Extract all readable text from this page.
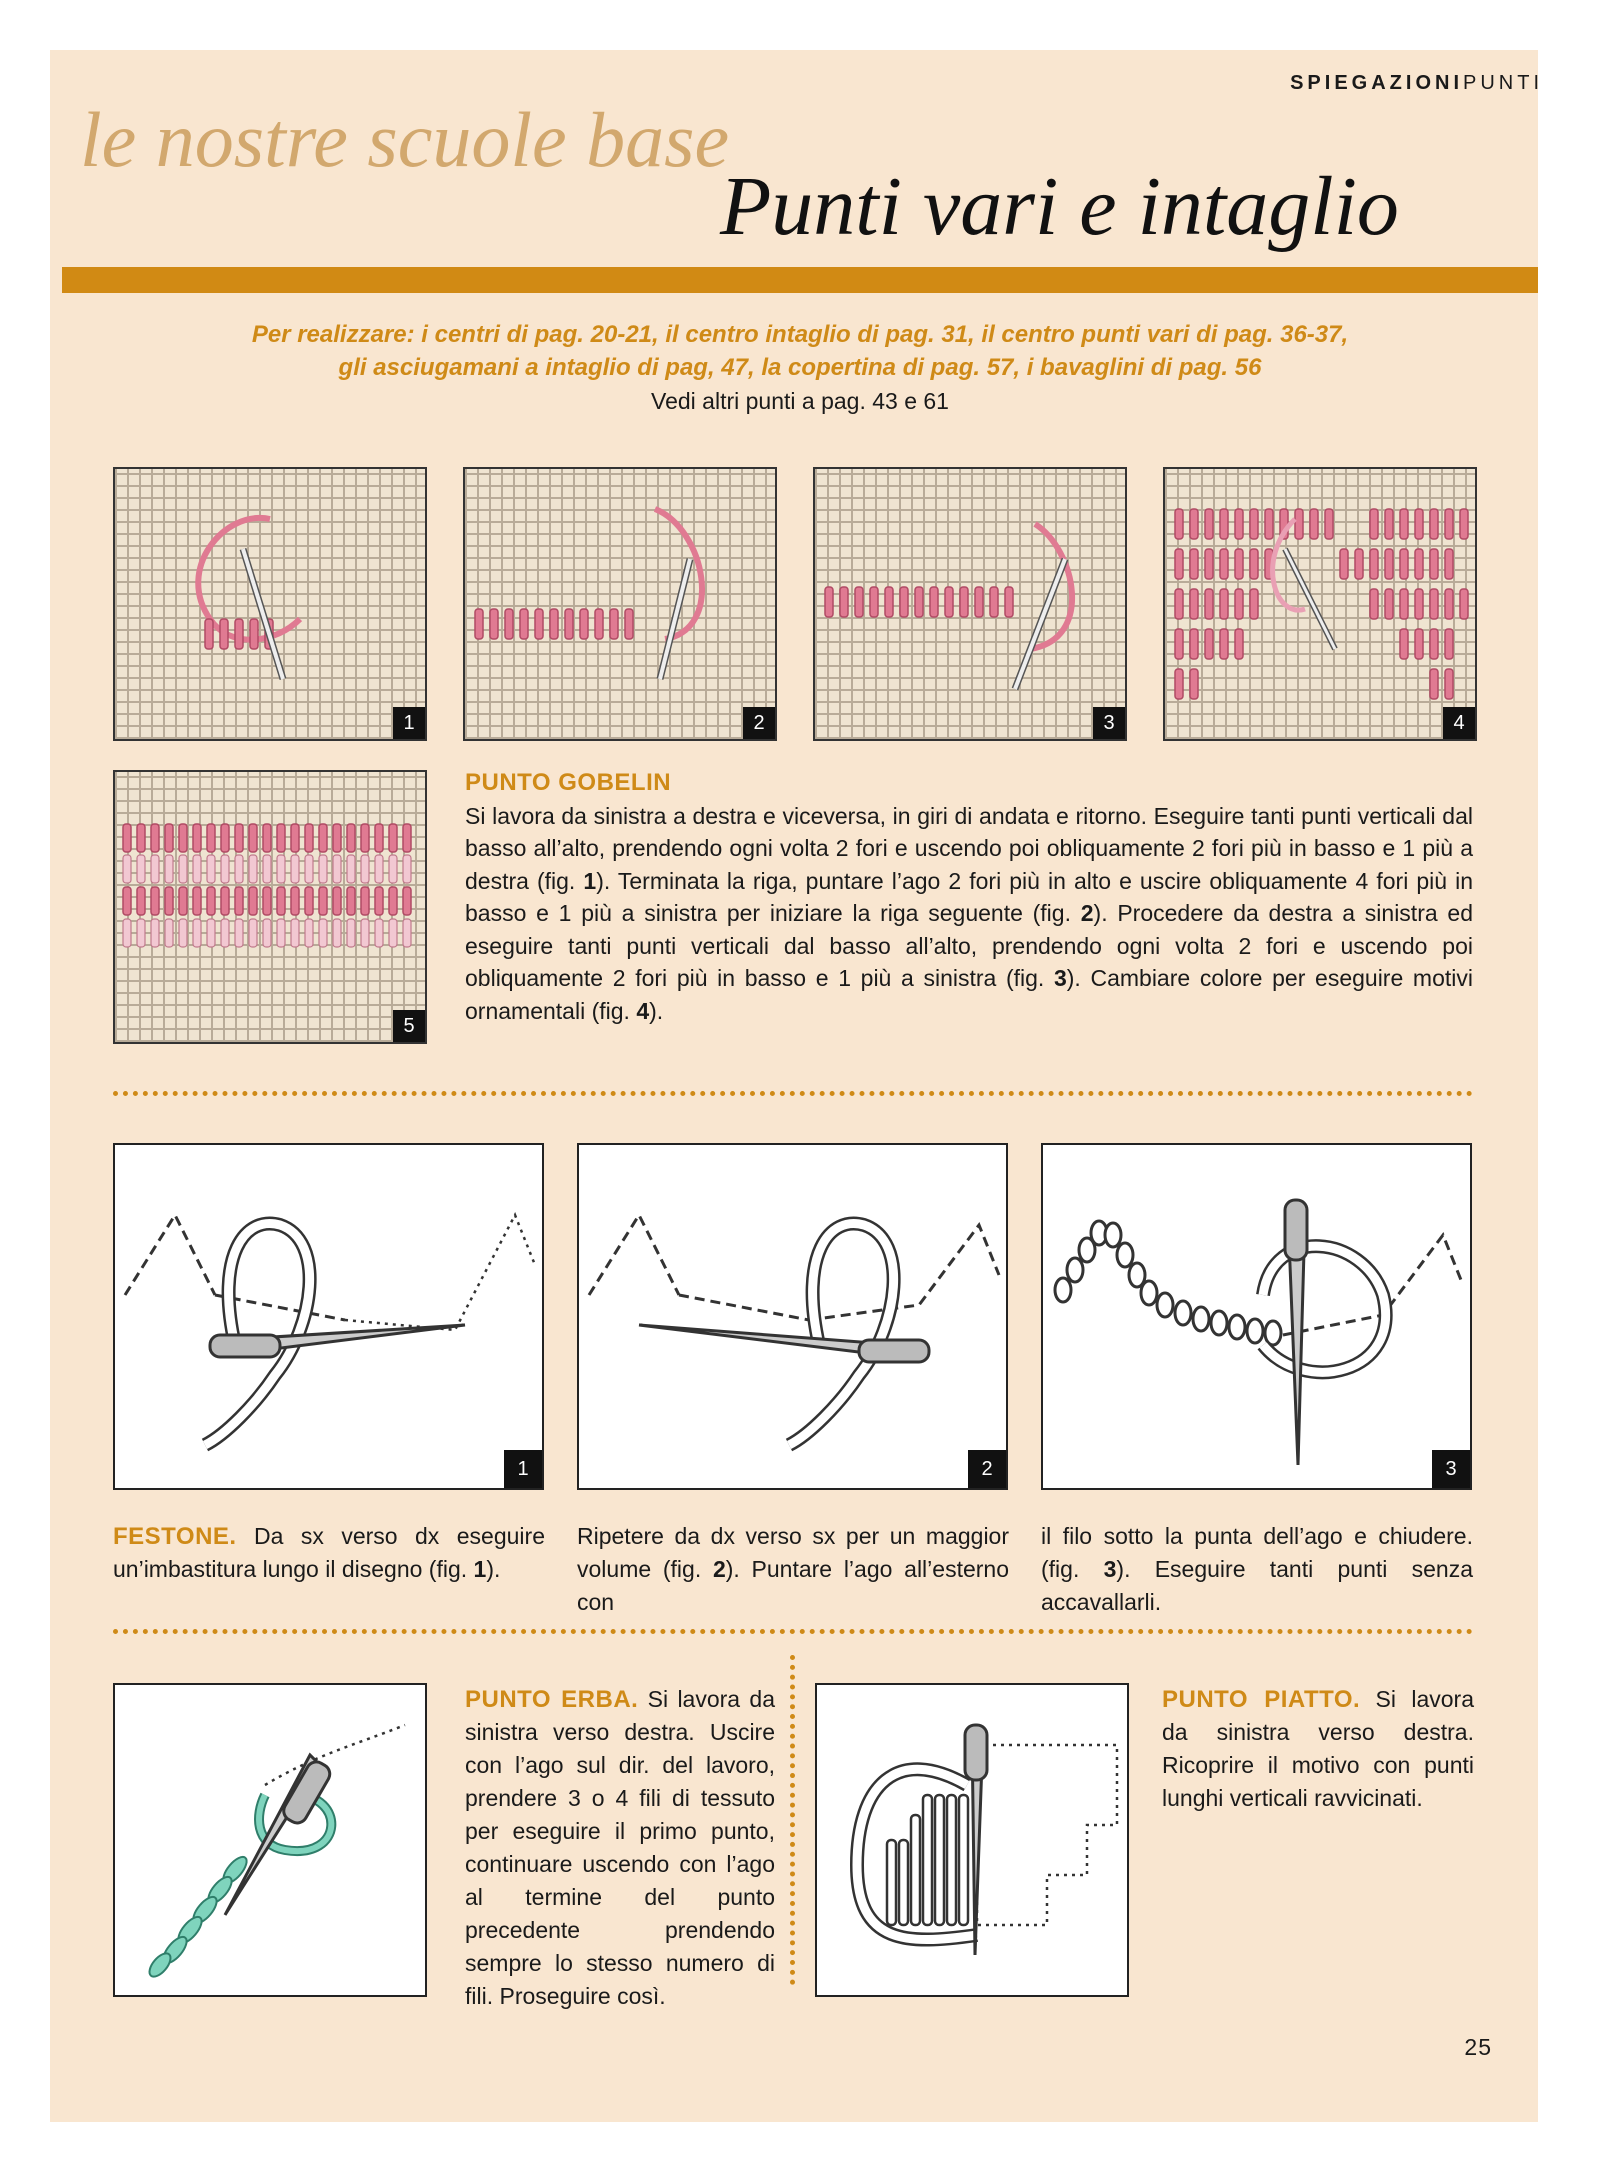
SPIEGAZIONIPUNTI
le nostre scuole base
Punti vari e intaglio
Per realizzare: i centri di pag. 20-21, il centro intaglio di pag. 31, il centro punti vari di pag. 36-37,
gli asciugamani a intaglio di pag, 47, la copertina di pag. 57, i bavaglini di pag. 56
Vedi altri punti a pag. 43 e 61
1	2	3	4
5
PUNTO GOBELIN
Si lavora da sinistra a destra e viceversa, in giri di andata e ritorno. Eseguire tanti punti verticali dal basso all’alto, prendendo ogni volta 2 fori e uscendo poi obliquamente 2 fori più in basso e 1 più a destra (fig. 1). Terminata la riga, puntare l’ago 2 fori più in alto e uscire obliquamente 4 fori più in basso e 1 più a sinistra per iniziare la riga seguente (fig. 2). Procedere da destra a sinistra ed eseguire tanti punti verticali dal basso all’alto, prendendo ogni volta 2 fori e uscendo poi obliquamente 2 fori più in basso e 1 più a sinistra (fig. 3). Cambiare colore per eseguire motivi ornamentali (fig. 4).
1	2	3
FESTONE. Da sx verso dx eseguire un’imbastitura lungo il disegno (fig. 1).
Ripetere da dx verso sx per un maggior volume (fig. 2). Puntare l’ago all’esterno con
il filo sotto la punta dell’ago e chiudere. (fig. 3). Eseguire tanti punti senza accavallarli.
PUNTO ERBA. Si lavora da sinistra verso destra. Uscire con l’ago sul dir. del lavoro, prendere 3 o 4 fili di tessuto per eseguire il primo punto, continuare uscendo con l’ago al termine del punto precedente prendendo sempre lo stesso numero di fili. Proseguire così.
PUNTO PIATTO. Si lavora da sinistra verso destra. Ricoprire il motivo con punti lunghi verticali ravvicinati.
25
